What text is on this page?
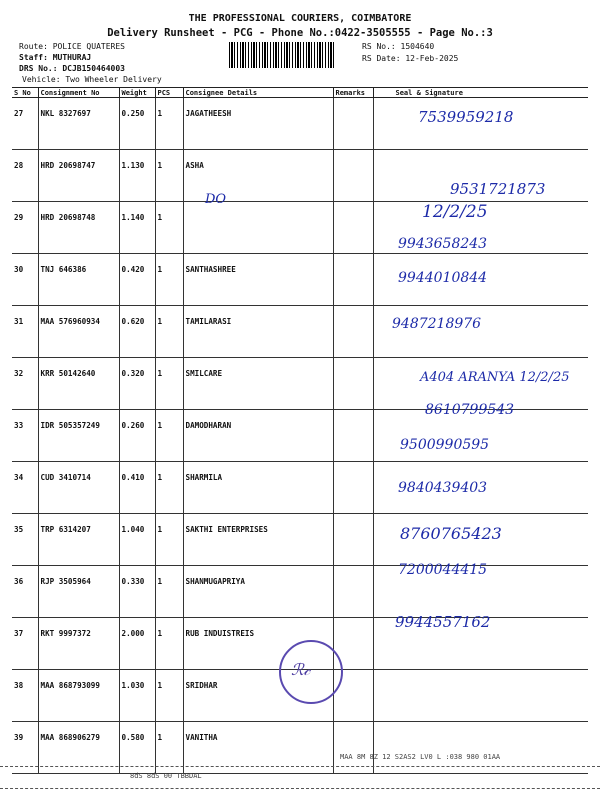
THE PROFESSIONAL COURIERS, COIMBATORE
Delivery Runsheet - PCG - Phone No.:0422-3505555 - Page No.:3
Route: POLICE QUATERES
Staff: MUTHURAJ
DRS No.: DCJB150464003
Vehicle: Two Wheeler Delivery
RS No.: 1504640
RS Date: 12-Feb-2025
S No	Consignment No	Weight	PCS	Consignee Details	Remarks	Seal & Signature
27	NKL 8327697	0.250	1	JAGATHEESH		
28	HRD 20698747	1.130	1	ASHA		
29	HRD 20698748	1.140	1			
30	TNJ 646386	0.420	1	SANTHASHREE		
31	MAA 576960934	0.620	1	TAMILARASI		
32	KRR 50142640	0.320	1	SMILCARE		
33	IDR 505357249	0.260	1	DAMODHARAN		
34	CUD 3410714	0.410	1	SHARMILA		
35	TRP 6314207	1.040	1	SAKTHI ENTERPRISES		
36	RJP 3505964	0.330	1	SHANMUGAPRIYA		
37	RKT 9997372	2.000	1	RUB INDUISTREIS		
38	MAA 868793099	1.030	1	SRIDHAR		
39	MAA 868906279	0.580	1	VANITHA		
DO
ℛ𝒸
MAA 8M 8Z 12 S2АS2 LV0 L :038 980 01АА
8dS 8dS 00 TBBDAL
7539959218
9531721873
12/2/25
9943658243
9944010844
9487218976
A404 ARANYA 12/2/25
8610799543
9500990595
9840439403
8760765423
7200044415
9944557162
